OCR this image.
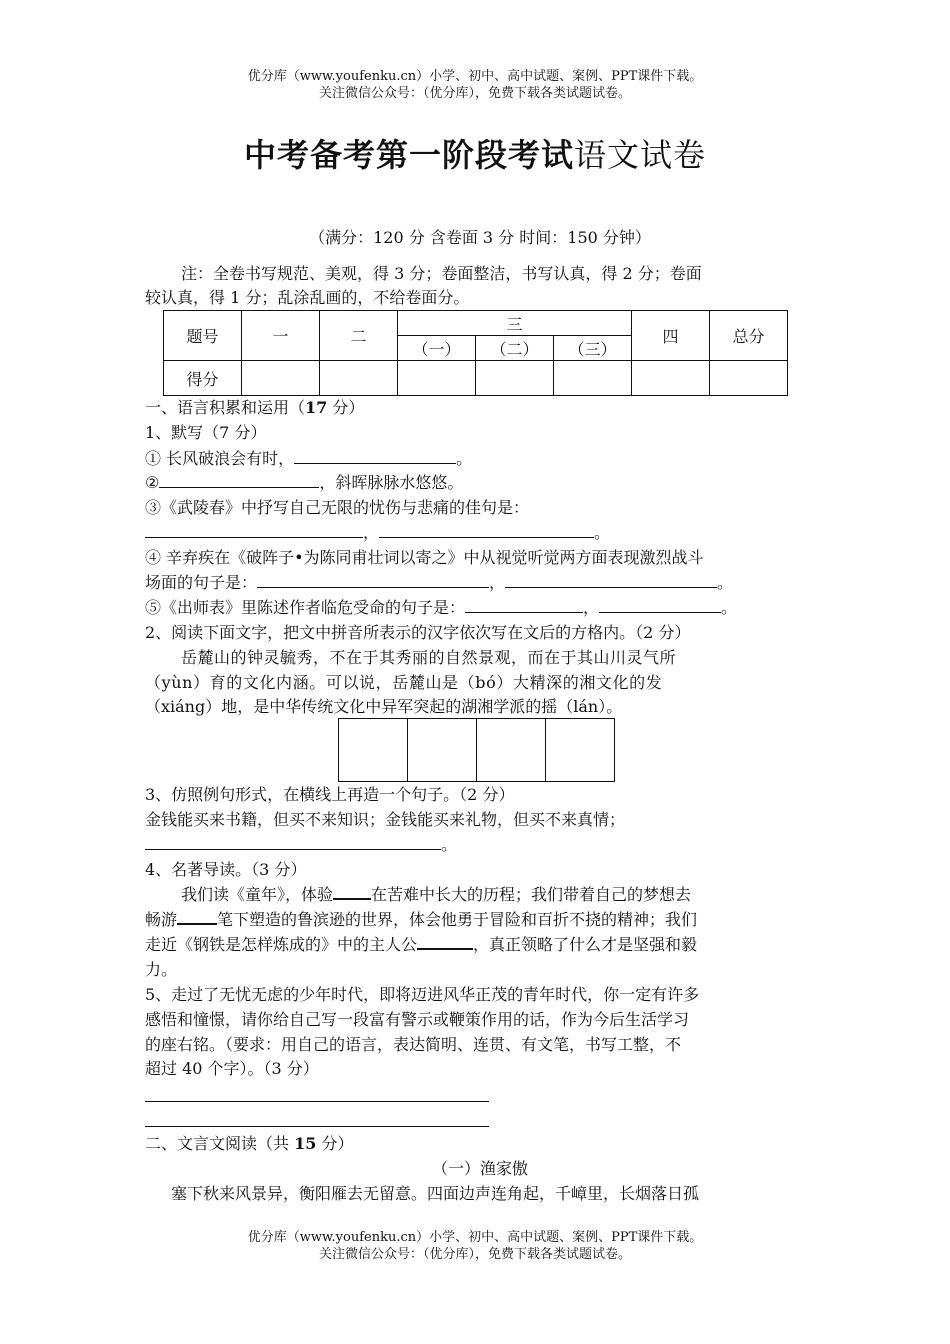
优分库（www.youfenku.cn）小学、初中、高中试题、案例、PPT课件下载。
关注微信公众号：（优分库），免费下载各类试题试卷。
中考备考第一阶段考试语文试卷
（满分：120 分 含卷面 3 分 时间：150 分钟）
注：全卷书写规范、美观，得 3 分；卷面整洁，书写认真，得 2 分；卷面
较认真，得 1 分；乱涂乱画的，不给卷面分。
题号	一	二	三			四	总分
			（一）	（二）	（三）		
得分							
一、语言积累和运用（17 分）
1、默写（7 分）
① 长风破浪会有时，	。
②	，斜晖脉脉水悠悠。
③《武陵春》中抒写自己无限的忧伤与悲痛的佳句是：
，	。
④ 辛弃疾在《破阵子•为陈同甫壮词以寄之》中从视觉听觉两方面表现激烈战斗
场面的句子是：	，	。
⑤《出师表》里陈述作者临危受命的句子是：	，	。
2、阅读下面文字，把文中拼音所表示的汉字依次写在文后的方格内。（2 分）
岳麓山的钟灵毓秀，不在于其秀丽的自然景观，而在于其山川灵气所
（yùn）育的文化内涵。可以说，岳麓山是（bó）大精深的湘文化的发
（xiáng）地，是中华传统文化中异军突起的湖湘学派的摇（lán）。
3、仿照例句形式，在横线上再造一个句子。（2 分）
金钱能买来书籍，但买不来知识；金钱能买来礼物，但买不来真情；
。
4、名著导读。（3 分）
我们读《童年》，体验 在苦难中长大的历程；我们带着自己的梦想去
畅游	笔下塑造的鲁滨逊的世界，体会他勇于冒险和百折不挠的精神；我们
走近《钢铁是怎样炼成的》中的主人公	，真正领略了什么才是坚强和毅
力。
5、走过了无忧无虑的少年时代，即将迈进风华正茂的青年时代，你一定有许多
感悟和憧憬，请你给自己写一段富有警示或鞭策作用的话，作为今后生活学习
的座右铭。（要求：用自己的语言，表达简明、连贯、有文笔，书写工整，不
超过 40 个字）。（3 分）
二、文言文阅读（共 15 分）
（一）渔家傲
塞下秋来风景异，衡阳雁去无留意。四面边声连角起，千嶂里，长烟落日孤
优分库（www.youfenku.cn）小学、初中、高中试题、案例、PPT课件下载。
关注微信公众号：（优分库），免费下载各类试题试卷。
